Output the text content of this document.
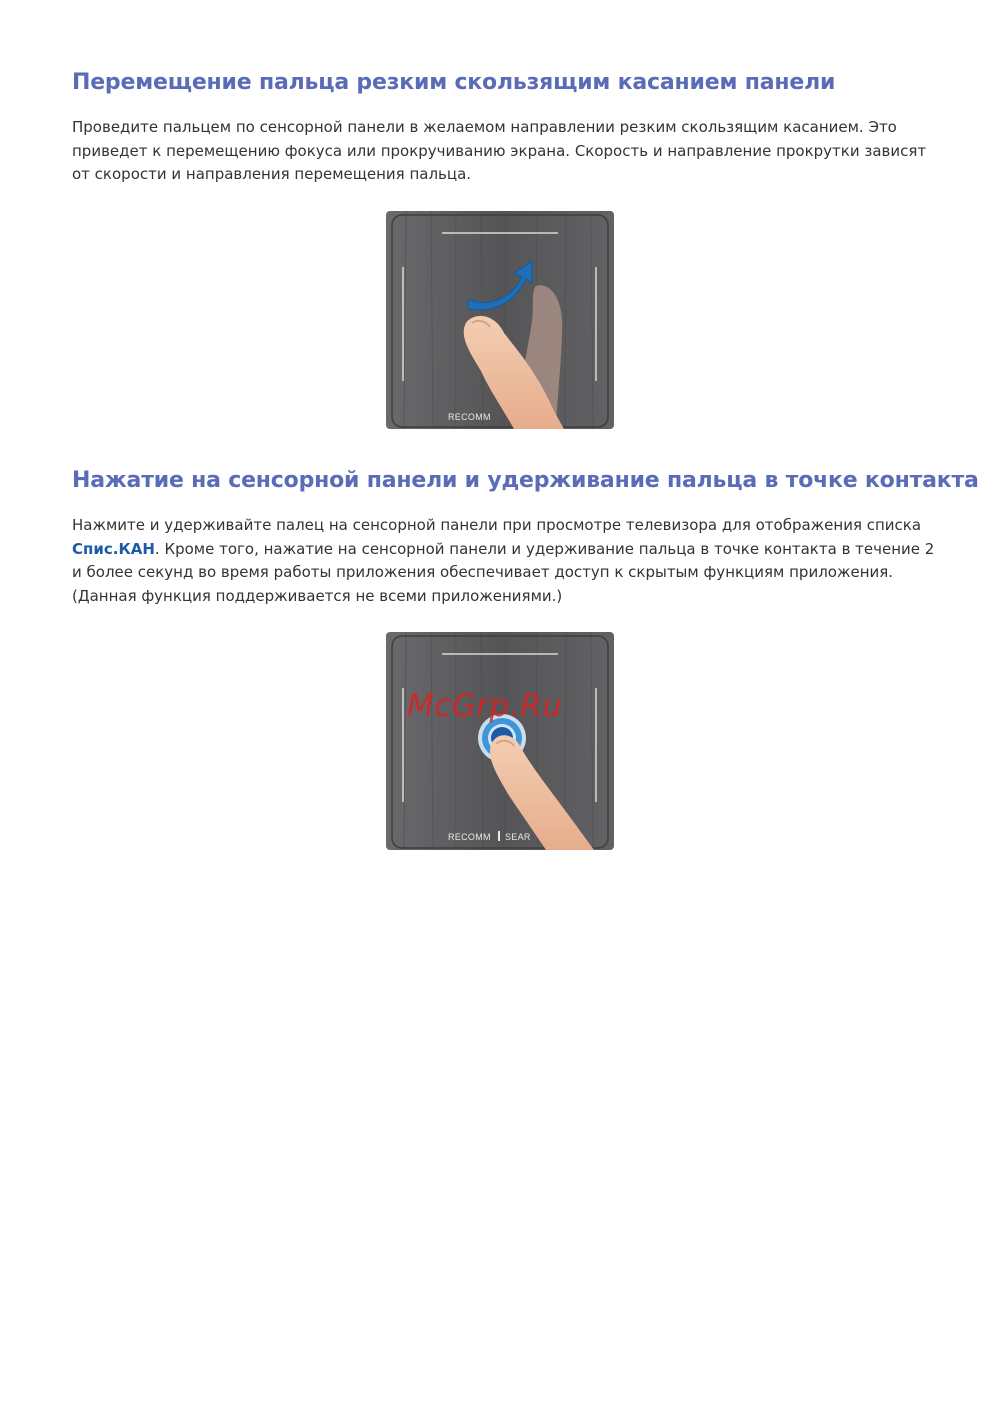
Перемещение пальца резким скользящим касанием панели

Проведите пальцем по сенсорной панели в желаемом направлении резким скользящим касанием. Это приведет к перемещению фокуса или прокручиванию экрана. Скорость и направление прокрутки зависят от скорости и направления перемещения пальца.

RECOMM
Нажатие на сенсорной панели и удерживание пальца в точке контакта

Нажмите и удерживайте палец на сенсорной панели при просмотре телевизора для отображения списка Спис.КАН. Кроме того, нажатие на сенсорной панели и удерживание пальца в точке контакта в течение 2 и более секунд во время работы приложения обеспечивает доступ к скрытым функциям приложения. (Данная функция поддерживается не всеми приложениями.)

RECOMM SEAR
McGrp.Ru
